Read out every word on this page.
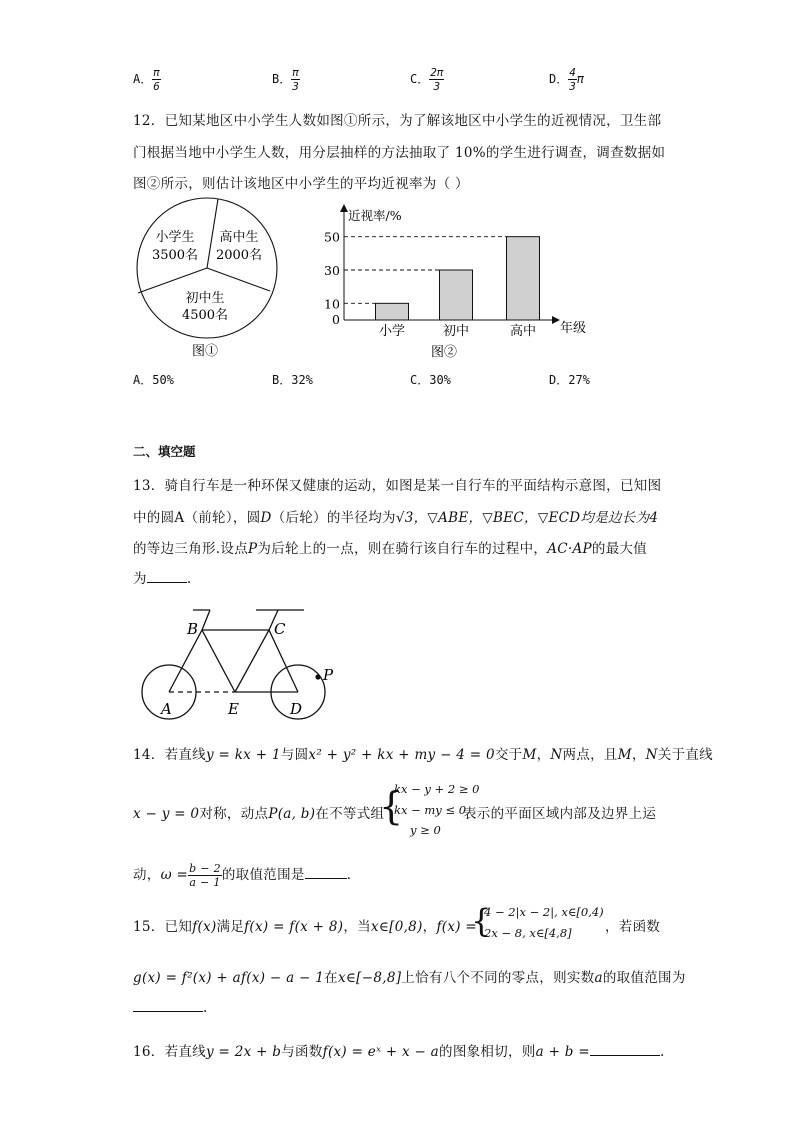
A． $\frac{\pi}{6}$	B． $\frac{\pi}{3}$	C． $\frac{2\pi}{3}$	D． $\frac{4}{3}$ π
12．已知某地区中小学生人数如图①所示，为了解该地区中小学生的近视情况，卫生部
门根据当地中小学生人数，用分层抽样的方法抽取了 10%的学生进行调查，调查数据如
图②所示，则估计该地区中小学生的平均近视率为（ ）
小学生
3500名
高中生
2000名
初中生
4500名
图①
近视率/%
年级
0
10
30
50
小学	初中	高中
图②
A．50%	B．32%	C．30%	D．27%
二、填空题
13．骑自行车是一种环保又健康的运动，如图是某一自行车的平面结构示意图，已知图
中的圆A（前轮），圆D（后轮）的半径均为√3，▽ABE，▽BEC，▽ECD均是边长为4
的等边三角形.设点P为后轮上的一点，则在骑行该自行车的过程中，AC·AP的最大值
为	.
A
B	C
D
E
P
14．若直线y = kx + 1与圆x² + y² + kx + my − 4 = 0交于M，N两点，且M，N关于直线
x − y = 0对称，动点P(a, b)在不等式组
{
kx − y + 2 ≥ 0
kx − my ≤ 0
y ≥ 0
表示的平面区域内部及边界上运
动，$\omega = \frac{b - 2}{a - 1}$ 的取值范围是	．
15．已知f(x)满足f(x) = f(x + 8)，当x∈[0,8)，f(x) =
{
4 − 2|x − 2|, x∈[0,4)
2x − 8, x∈[4,8]	，若函数
g(x) = f²(x) + af(x) − a − 1在x∈[−8,8]上恰有八个不同的零点，则实数a的取值范围为
.
16．若直线y = 2x + b与函数f(x) = eˣ + x − a的图象相切，则a + b =	.
